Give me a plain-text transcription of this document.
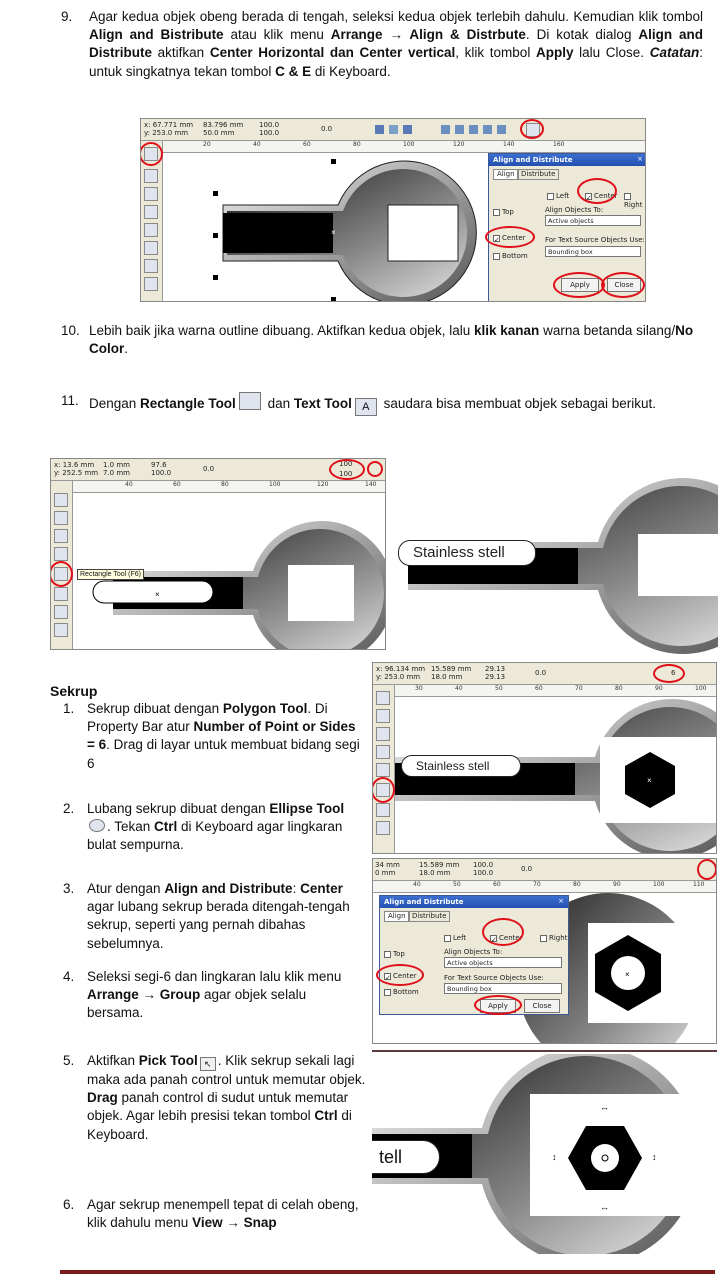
9. Agar kedua objek obeng berada di tengah, seleksi kedua objek terlebih dahulu. Kemudian klik tombol Align and Bistribute atau klik menu Arrange → Align & Distrbute. Di kotak dialog Align and Distribute aktifkan Center Horizontal dan Center vertical, klik tombol Apply lalu Close. Catatan: untuk singkatnya tekan tombol C & E di Keyboard.

x: 67.771 mm
y: 253.0 mm
83.796 mm
50.0 mm
100.0
100.0	0.0
20	40	60	80	100	120	140	160
×
Align and Distribute	×
Align Distribute
Left ✓ Center
Right
Top	Align Objects To:
Active objects
✓ Center	For Text Source Objects Use:
Bounding box
Bottom
Apply	Close
10. Lebih baik jika warna outline dibuang. Aktifkan kedua objek, lalu klik kanan warna betanda silang/No Color.

11. Dengan Rectangle Tool dan Text Tool A saudara bisa membuat objek sebagai berikut.

x: 13.6 mm
y: 252.5 mm
1.0 mm
7.0 mm
97.6
100.0	0.0
100
100
40	60	80	100	120	140
×
Rectangle Tool (F6)
Stainless stell
Sekrup
1. Sekrup dibuat dengan Polygon Tool. Di Property Bar atur Number of Point or Sides = 6. Drag di layar untuk membuat bidang segi 6

2. Lubang sekrup dibuat dengan Ellipse Tool. Tekan Ctrl di Keyboard agar lingkaran bulat sempurna.

3. Atur dengan Align and Distribute: Center agar lubang sekrup berada ditengah-tengah sekrup, seperti yang pernah dibahas sebelumnya.

4. Seleksi segi-6 dan lingkaran lalu klik menu Arrange → Group agar objek selalu bersama.

5. Aktifkan Pick Tool ↖ . Klik sekrup sekali lagi maka ada panah control untuk memutar objek. Drag panah control di sudut untuk memutar objek. Agar lebih presisi tekan tombol Ctrl di Keyboard.

6. Agar sekrup menempell tepat di celah obeng, klik dahulu menu View → Snap

x: 96.134 mm
y: 253.0 mm
15.589 mm
18.0 mm
29.13
29.13	0.0	6
30	40	50	60	70	80	90	100
×
Stainless stell
34 mm
0 mm
15.589 mm
18.0 mm
100.0
100.0	0.0
40	50	60	70	80	90	100	110
×
Align and Distribute	×
Align Distribute
Left	✓ Center	Right
Top	Align Objects To:
Active objects
✓ Center	For Text Source Objects Use:
Bounding box
Bottom
Apply	Close
↔
↔
↕	↕
tell
